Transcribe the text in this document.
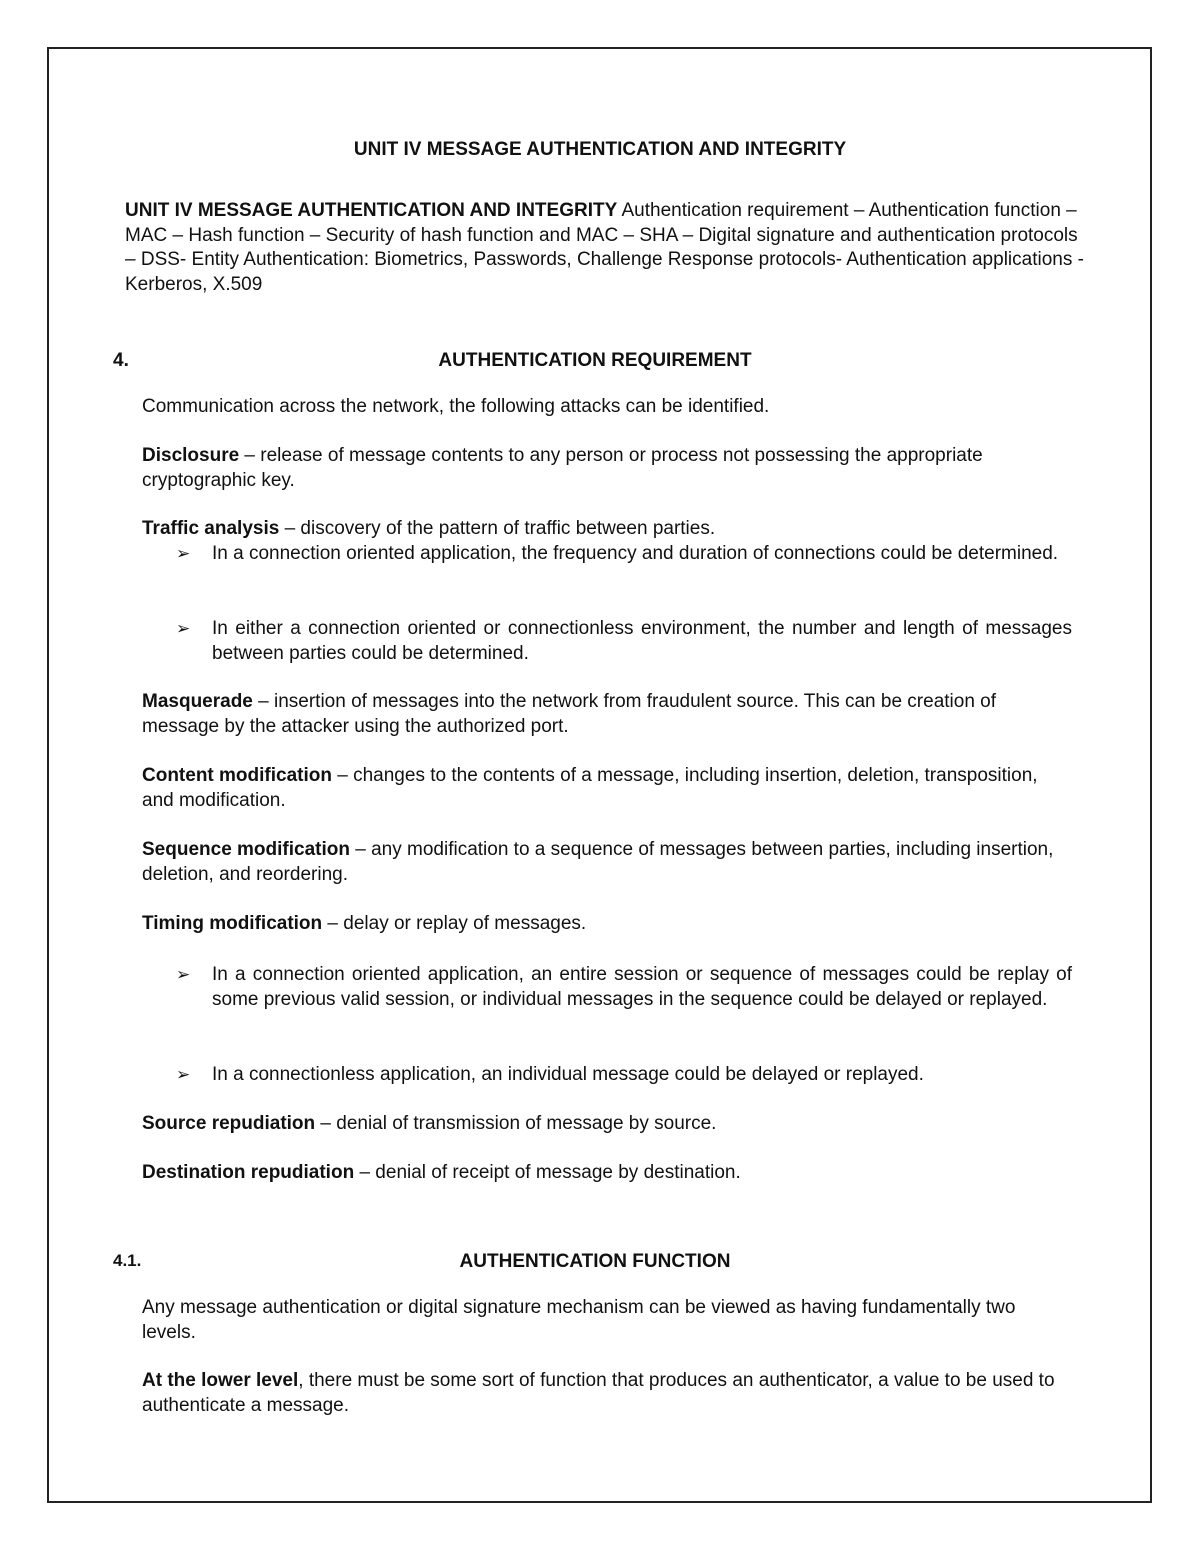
UNIT IV MESSAGE AUTHENTICATION AND INTEGRITY
UNIT IV MESSAGE AUTHENTICATION AND INTEGRITY Authentication requirement – Authentication function – MAC – Hash function – Security of hash function and MAC – SHA – Digital signature and authentication protocols – DSS- Entity Authentication: Biometrics, Passwords, Challenge Response protocols- Authentication applications - Kerberos, X.509
4.	AUTHENTICATION REQUIREMENT
Communication across the network, the following attacks can be identified.
Disclosure – release of message contents to any person or process not possessing the appropriate cryptographic key.
Traffic analysis – discovery of the pattern of traffic between parties.
➢ In a connection oriented application, the frequency and duration of connections could be determined.
➢ In either a connection oriented or connectionless environment, the number and length of messages between parties could be determined.
Masquerade – insertion of messages into the network from fraudulent source. This can be creation of message by the attacker using the authorized port.
Content modification – changes to the contents of a message, including insertion, deletion, transposition, and modification.
Sequence modification – any modification to a sequence of messages between parties, including insertion, deletion, and reordering.
Timing modification – delay or replay of messages.
➢ In a connection oriented application, an entire session or sequence of messages could be replay of some previous valid session, or individual messages in the sequence could be delayed or replayed.
➢ In a connectionless application, an individual message could be delayed or replayed.
Source repudiation – denial of transmission of message by source.
Destination repudiation – denial of receipt of message by destination.
4.1.	AUTHENTICATION FUNCTION
Any message authentication or digital signature mechanism can be viewed as having fundamentally two levels.
At the lower level, there must be some sort of function that produces an authenticator, a value to be used to authenticate a message.
